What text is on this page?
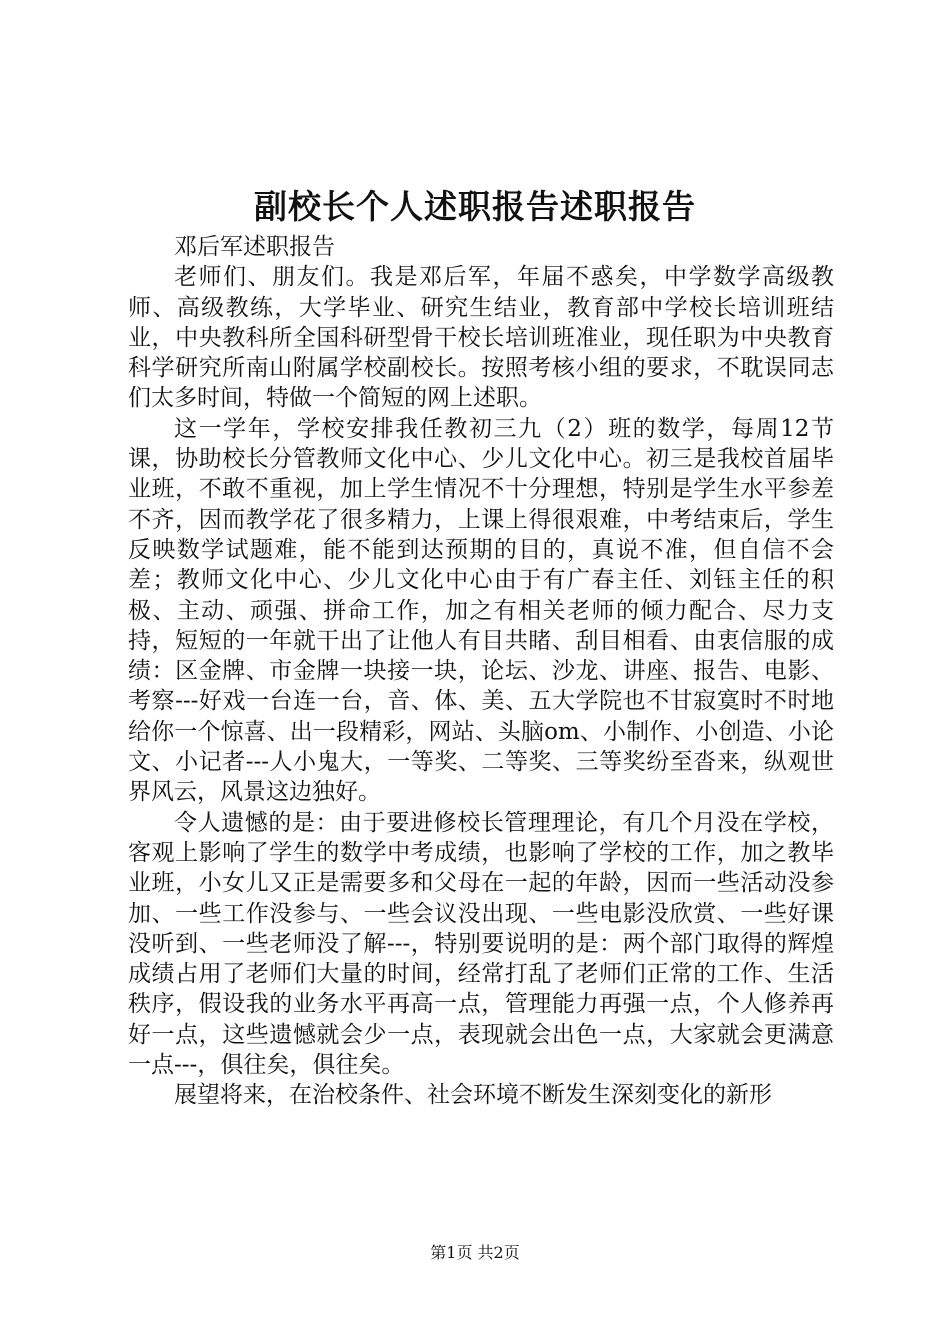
副校长个人述职报告述职报告

邓后军述职报告

老师们、朋友们。我是邓后军，年届不惑矣，中学数学高级教师、高级教练，大学毕业、研究生结业，教育部中学校长培训班结业，中央教科所全国科研型骨干校长培训班准业，现任职为中央教育科学研究所南山附属学校副校长。按照考核小组的要求，不耽误同志们太多时间，特做一个简短的网上述职。

这一学年，学校安排我任教初三九（2）班的数学，每周12节课，协助校长分管教师文化中心、少儿文化中心。初三是我校首届毕业班，不敢不重视，加上学生情况不十分理想，特别是学生水平参差不齐，因而教学花了很多精力，上课上得很艰难，中考结束后，学生反映数学试题难，能不能到达预期的目的，真说不准，但自信不会差；教师文化中心、少儿文化中心由于有广春主任、刘钰主任的积极、主动、顽强、拼命工作，加之有相关老师的倾力配合、尽力支持，短短的一年就干出了让他人有目共睹、刮目相看、由衷信服的成绩：区金牌、市金牌一块接一块，论坛、沙龙、讲座、报告、电影、考察---好戏一台连一台，音、体、美、五大学院也不甘寂寞时不时地给你一个惊喜、出一段精彩，网站、头脑om、小制作、小创造、小论文、小记者---人小鬼大，一等奖、二等奖、三等奖纷至沓来，纵观世界风云，风景这边独好。

令人遗憾的是：由于要进修校长管理理论，有几个月没在学校，客观上影响了学生的数学中考成绩，也影响了学校的工作，加之教毕业班，小女儿又正是需要多和父母在一起的年龄，因而一些活动没参加、一些工作没参与、一些会议没出现、一些电影没欣赏、一些好课没听到、一些老师没了解---，特别要说明的是：两个部门取得的辉煌成绩占用了老师们大量的时间，经常打乱了老师们正常的工作、生活秩序，假设我的业务水平再高一点，管理能力再强一点，个人修养再好一点，这些遗憾就会少一点，表现就会出色一点，大家就会更满意一点---，俱往矣，俱往矣。

展望将来，在治校条件、社会环境不断发生深刻变化的新形

第1页 共2页
